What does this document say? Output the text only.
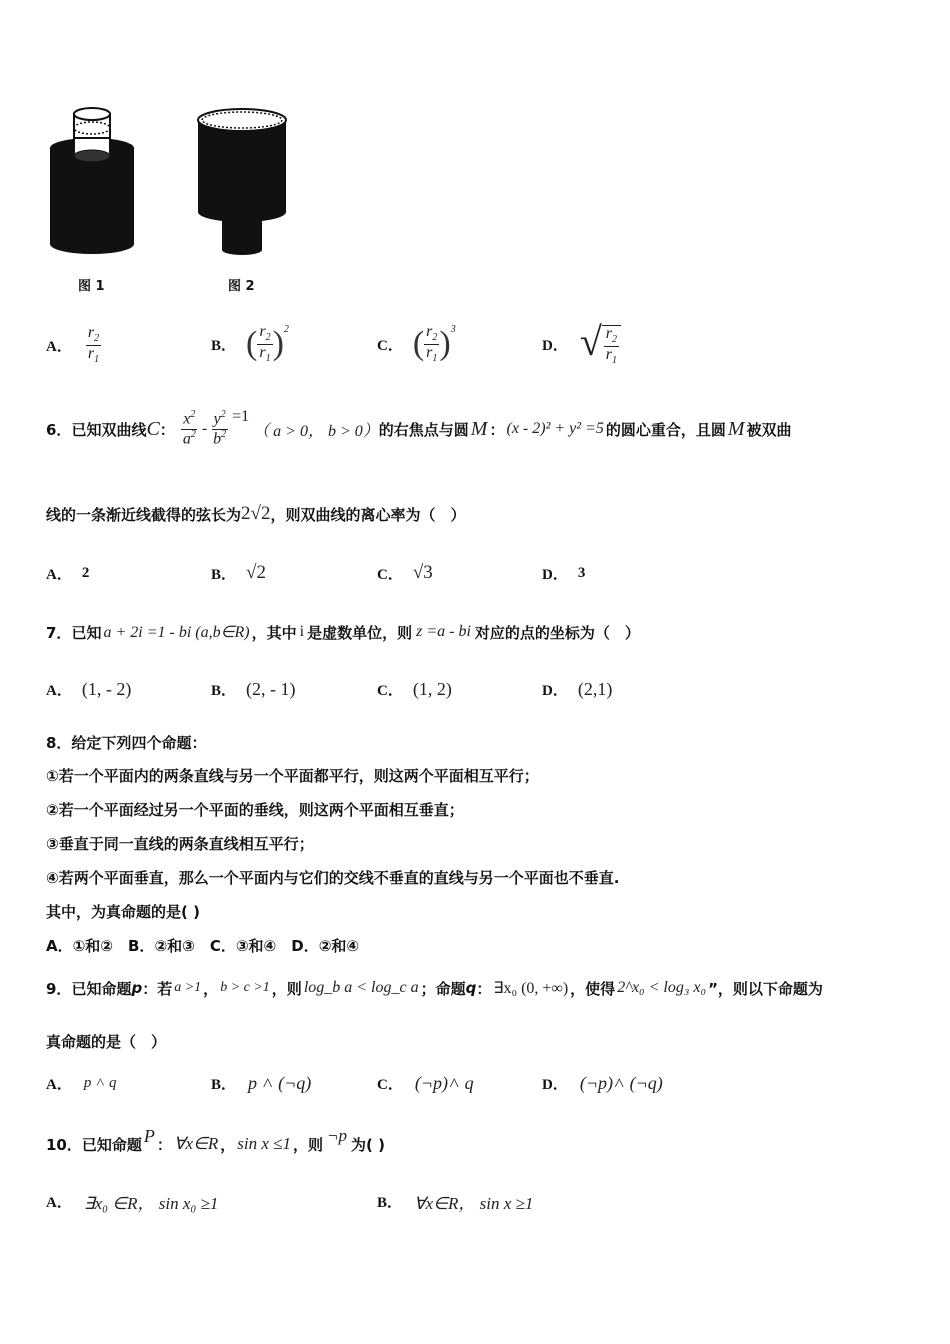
图 1	图 2
A． $\frac{r_2}{r_1}$	B． ( $\frac{r_2}{r_1} )^2$
C． ( $\frac{r_2}{r_1} )^3$
D． √ $\frac{r_2}{r_1}$
6． 已知双曲线 C ： $\frac{x^2}{a^2} - \frac{y^2}{b^2} =1$
（ a > 0， b > 0） 的右焦点与圆 M ： (x - 2)² + y² =5 的圆心重合，且圆 M 被双曲
线的一条渐近线截得的弦长为 2√2 ，则双曲线的离心率为（　）
A． 2	B． √2	C． √3	D． 3
7． 已知 a + 2i =1 - bi (a,b∈R) ，其中 i 是虚数单位，则 z =a - bi 对应的点的坐标为（　）
A． (1, - 2)	B． (2, - 1)	C． (1, 2)	D． (2,1)
8．给定下列四个命题：
①若一个平面内的两条直线与另一个平面都平行，则这两个平面相互平行；
②若一个平面经过另一个平面的垂线，则这两个平面相互垂直；
③垂直于同一直线的两条直线相互平行；
④若两个平面垂直，那么一个平面内与它们的交线不垂直的直线与另一个平面也不垂直.
其中，为真命题的是( )
A．①和②　B．②和③　C．③和④　D．②和④
9． 已知命题 p ：若 a >1 ， b > c >1 ，则 log_b a < log_c a ；命题 q ： ∃x₀ (0, +∞) ，使得 2^x₀ < log₃ x₀ ”，则以下命题为
真命题的是（　）
A． p ˄ q	B． p ˄ (¬q)	C． (¬p)˄ q	D． (¬p)˄ (¬q)
10． 已知命题 P ： ∀x∈R ， sin x ≤1 ，则 ¬p 为( )
A． ∃x₀ ∈R， sin x₀ ≥1	B． ∀x∈R， sin x ≥1
